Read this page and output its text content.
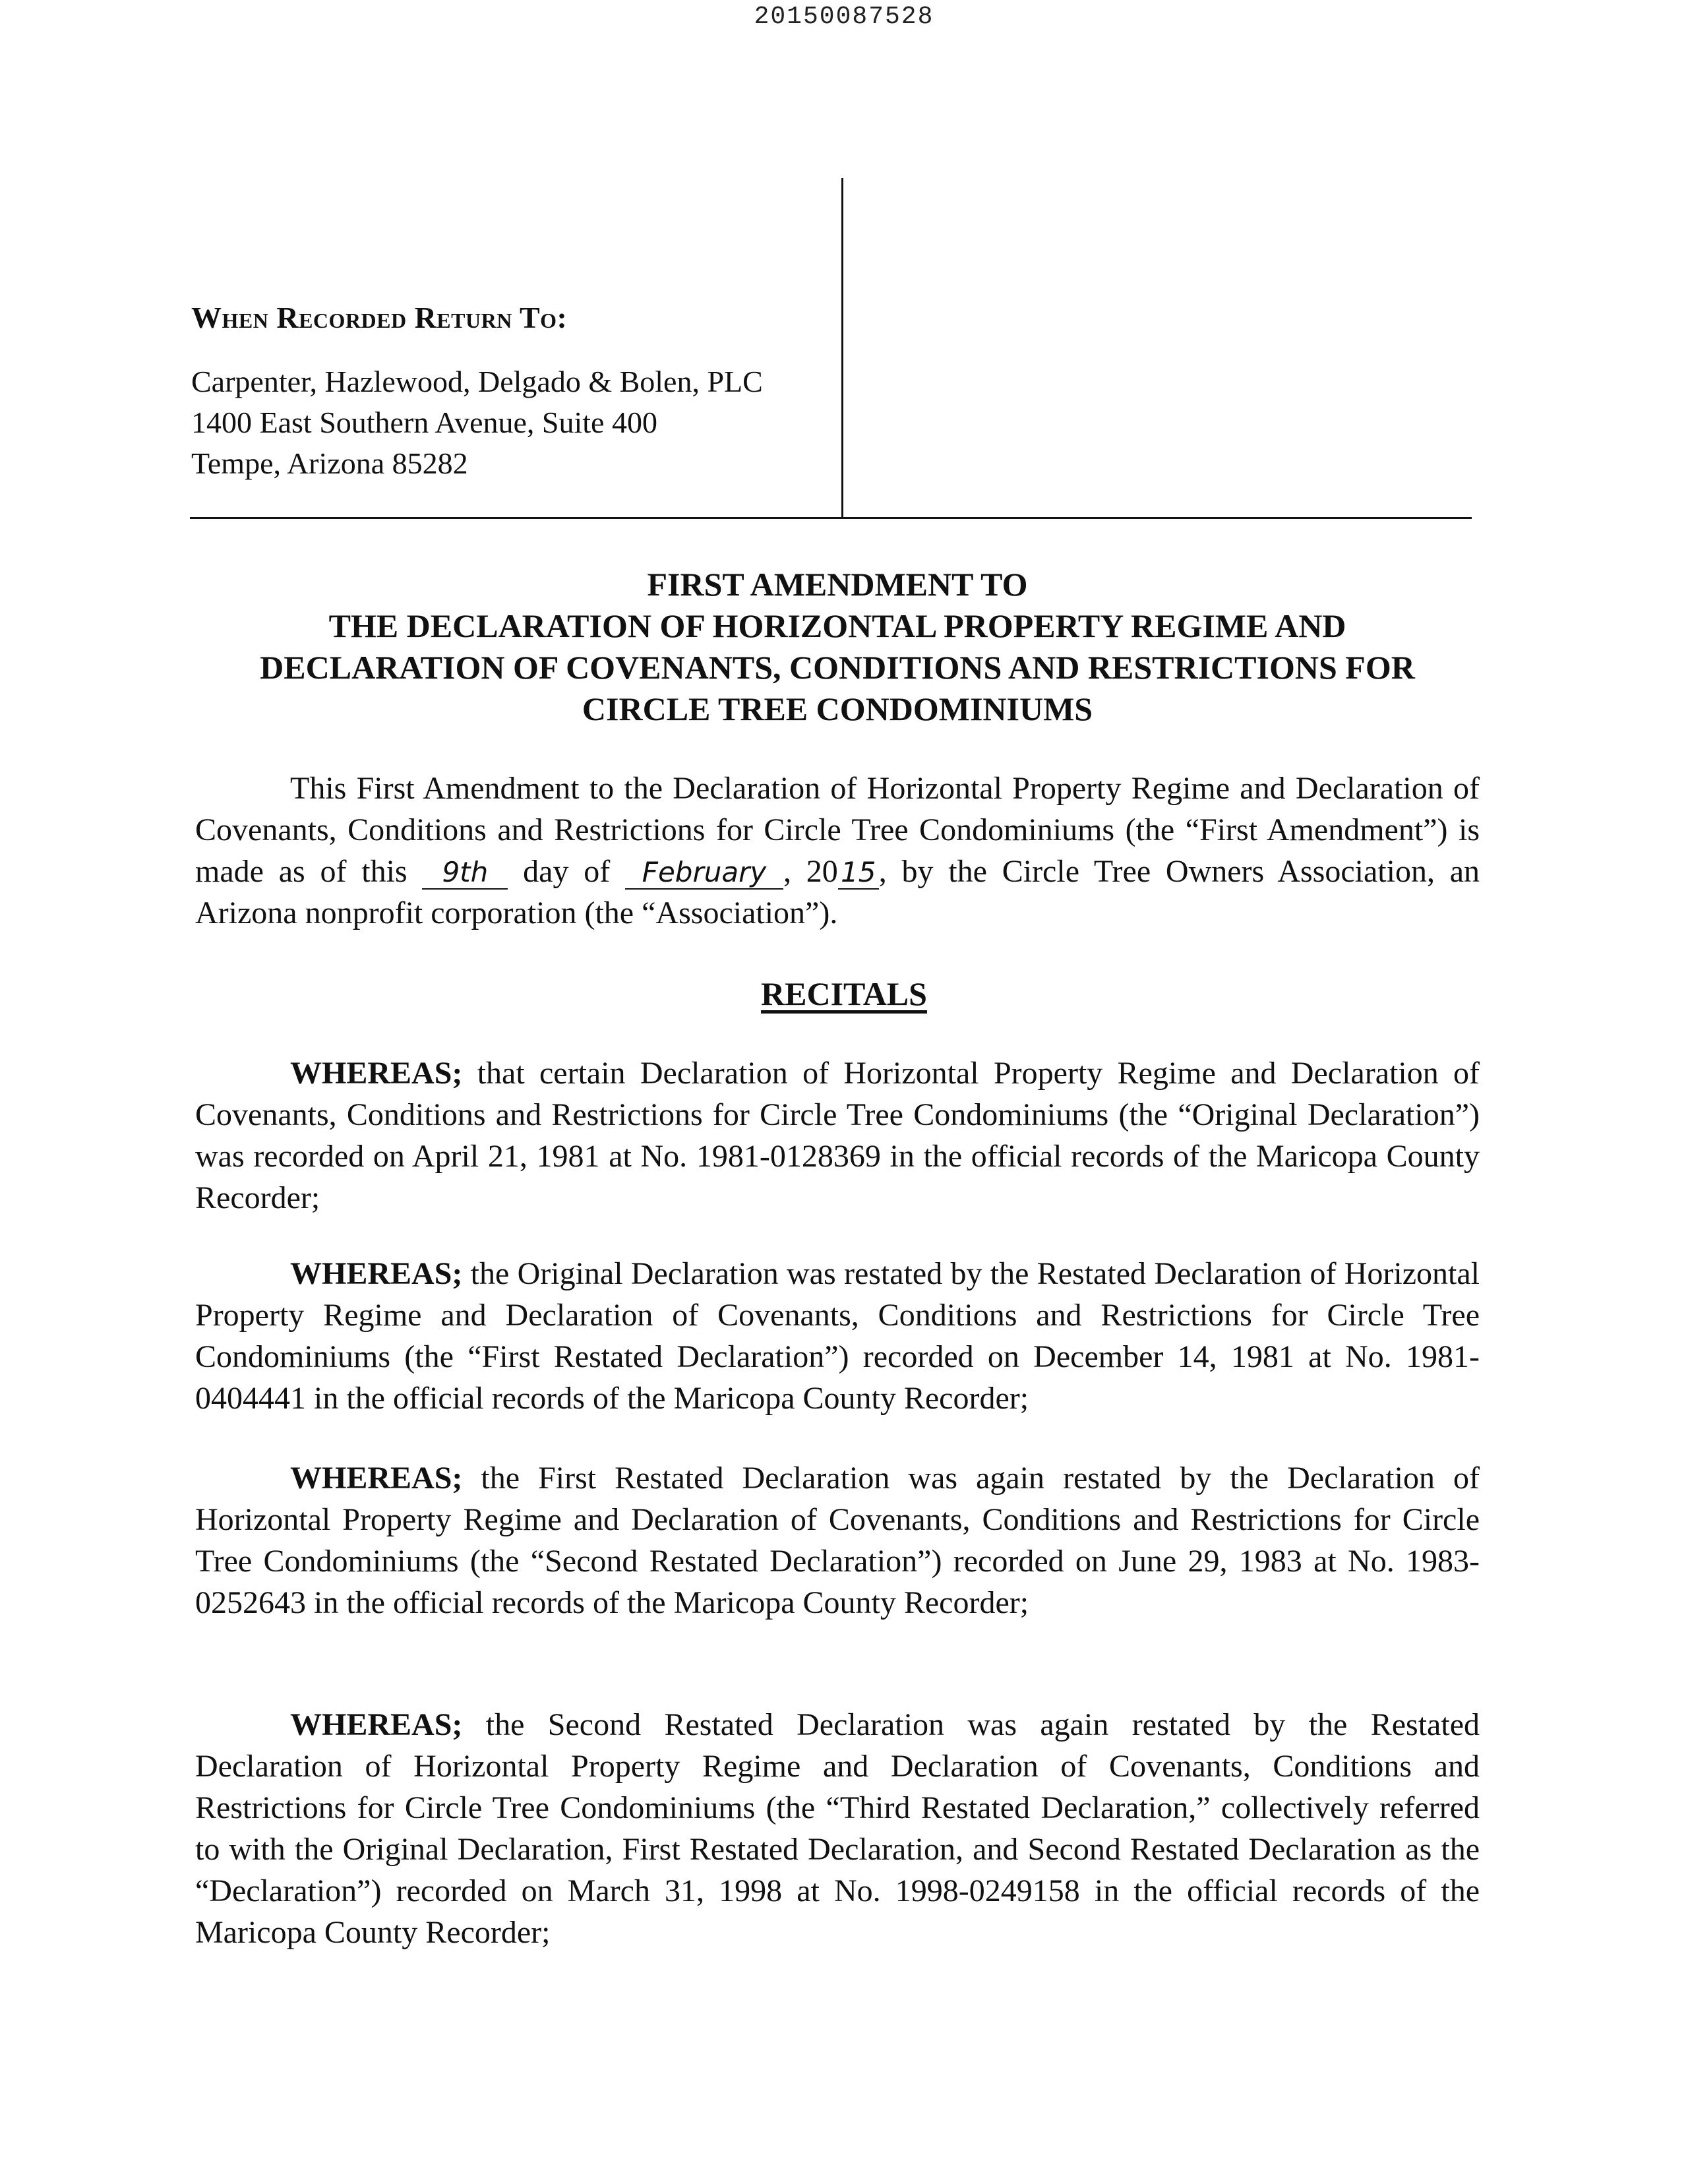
20150087528
When Recorded Return To:
Carpenter, Hazlewood, Delgado & Bolen, PLC
1400 East Southern Avenue, Suite 400
Tempe, Arizona 85282
FIRST AMENDMENT TO
THE DECLARATION OF HORIZONTAL PROPERTY REGIME AND
DECLARATION OF COVENANTS, CONDITIONS AND RESTRICTIONS FOR
CIRCLE TREE CONDOMINIUMS
This First Amendment to the Declaration of Horizontal Property Regime and Declaration of Covenants, Conditions and Restrictions for Circle Tree Condominiums (the “First Amendment”) is made as of this 9th day of February , 20 15, by the Circle Tree Owners Association, an Arizona nonprofit corporation (the “Association”).
RECITALS
WHEREAS; that certain Declaration of Horizontal Property Regime and Declaration of Covenants, Conditions and Restrictions for Circle Tree Condominiums (the “Original Declaration”) was recorded on April 21, 1981 at No. 1981-0128369 in the official records of the Maricopa County Recorder;
WHEREAS; the Original Declaration was restated by the Restated Declaration of Horizontal Property Regime and Declaration of Covenants, Conditions and Restrictions for Circle Tree Condominiums (the “First Restated Declaration”) recorded on December 14, 1981 at No. 1981-0404441 in the official records of the Maricopa County Recorder;
WHEREAS; the First Restated Declaration was again restated by the Declaration of Horizontal Property Regime and Declaration of Covenants, Conditions and Restrictions for Circle Tree Condominiums (the “Second Restated Declaration”) recorded on June 29, 1983 at No. 1983-0252643 in the official records of the Maricopa County Recorder;
WHEREAS; the Second Restated Declaration was again restated by the Restated Declaration of Horizontal Property Regime and Declaration of Covenants, Conditions and Restrictions for Circle Tree Condominiums (the “Third Restated Declaration,” collectively referred to with the Original Declaration, First Restated Declaration, and Second Restated Declaration as the “Declaration”) recorded on March 31, 1998 at No. 1998-0249158 in the official records of the Maricopa County Recorder;
